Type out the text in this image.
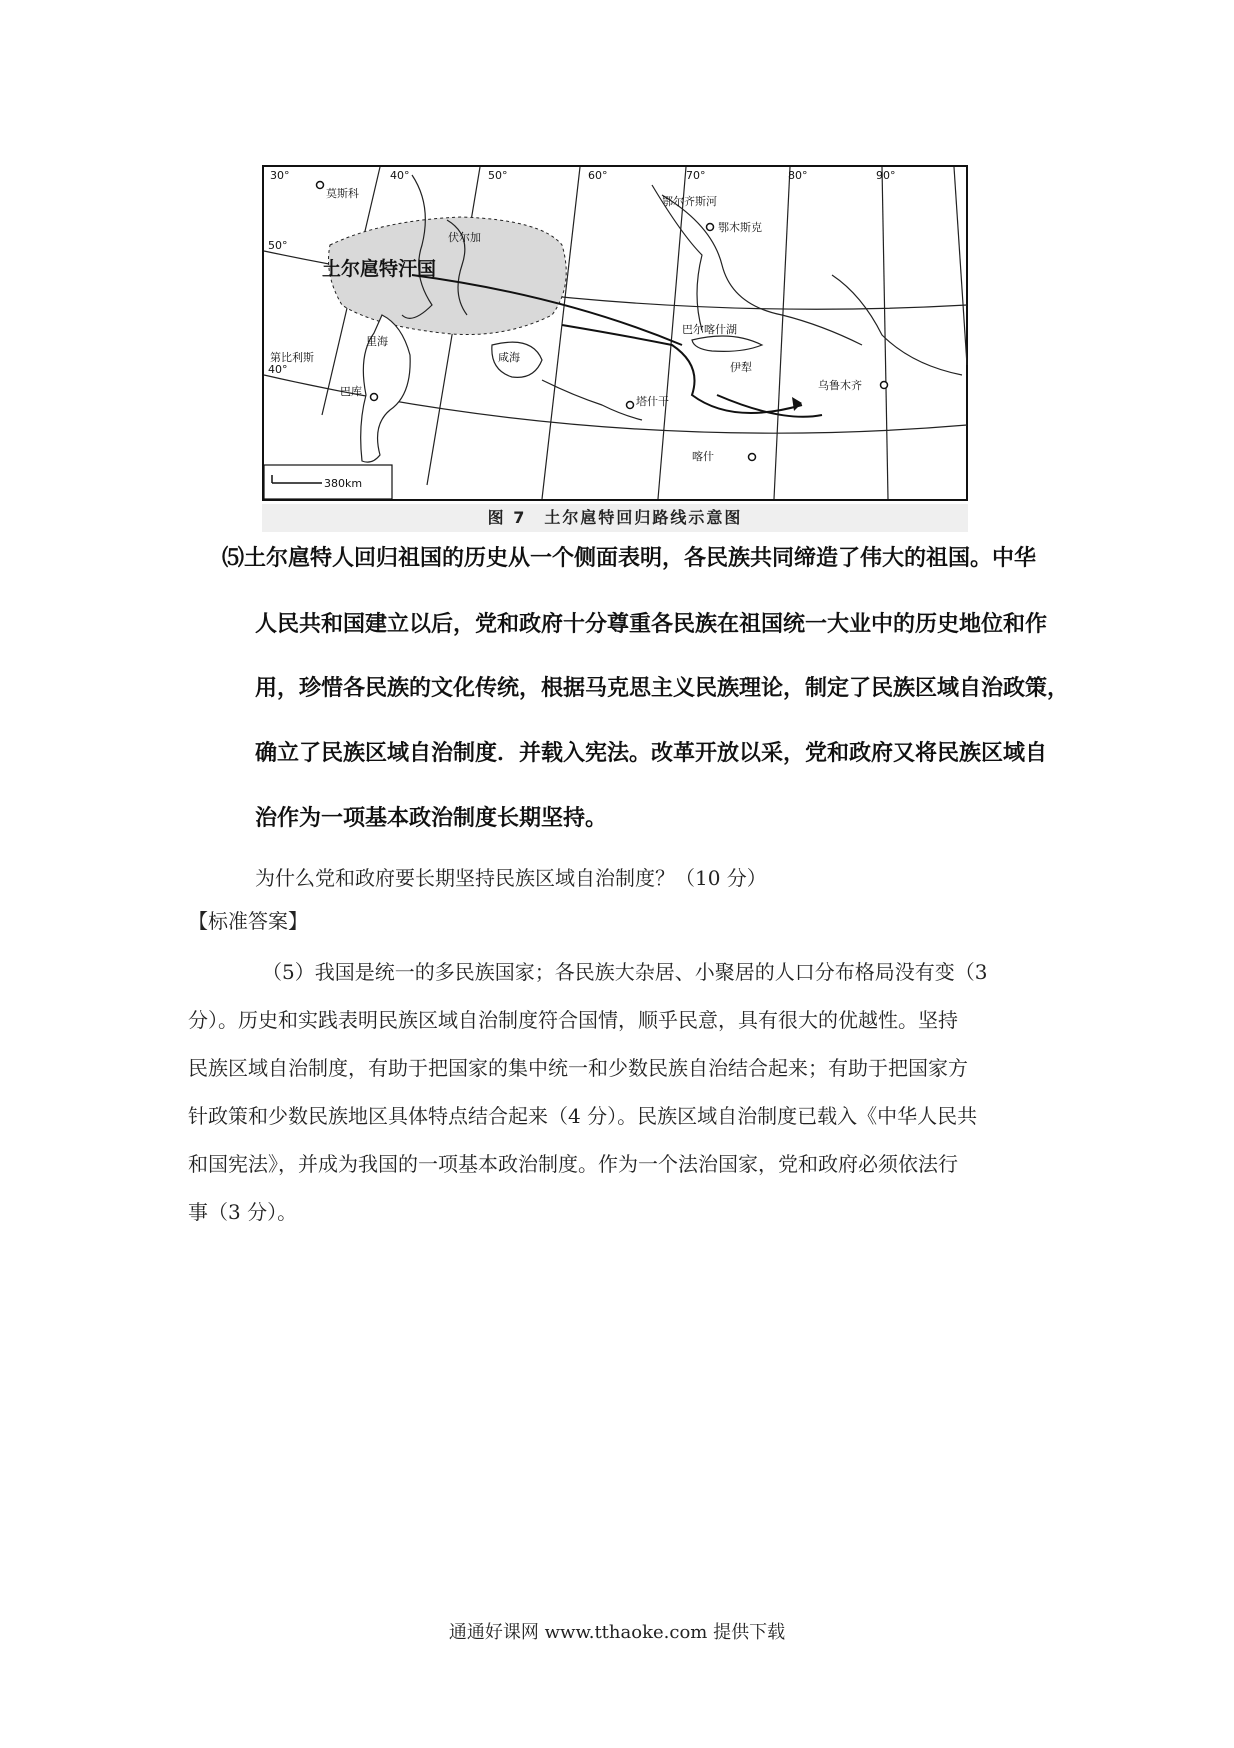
380km
30°	40°	50°	60°	70°	80°	90°
50°
40°
莫斯科
第比利斯
巴库
鄂木斯克
塔什干
喀什
乌鲁木齐
巴尔喀什湖
伊犁
伏尔加
里海
咸海
鄂尔齐斯河
土尔扈特汗国
图 7　土尔扈特回归路线示意图
⑸土尔扈特人回归祖国的历史从一个侧面表明，各民族共同缔造了伟大的祖国。中华
人民共和国建立以后，党和政府十分尊重各民族在祖国统一大业中的历史地位和作
用，珍惜各民族的文化传统，根据马克思主义民族理论，制定了民族区域自治政策，
确立了民族区域自治制度．并载入宪法。改革开放以采，党和政府又将民族区域自
治作为一项基本政治制度长期坚持。
为什么党和政府要长期坚持民族区域自治制度？（10 分）
【标准答案】
（5）我国是统一的多民族国家；各民族大杂居、小聚居的人口分布格局没有变（3
分）。历史和实践表明民族区域自治制度符合国情，顺乎民意，具有很大的优越性。坚持
民族区域自治制度，有助于把国家的集中统一和少数民族自治结合起来；有助于把国家方
针政策和少数民族地区具体特点结合起来（4 分）。民族区域自治制度已载入《中华人民共
和国宪法》，并成为我国的一项基本政治制度。作为一个法治国家，党和政府必须依法行
事（3 分）。
通通好课网 www.tthaoke.com 提供下载
